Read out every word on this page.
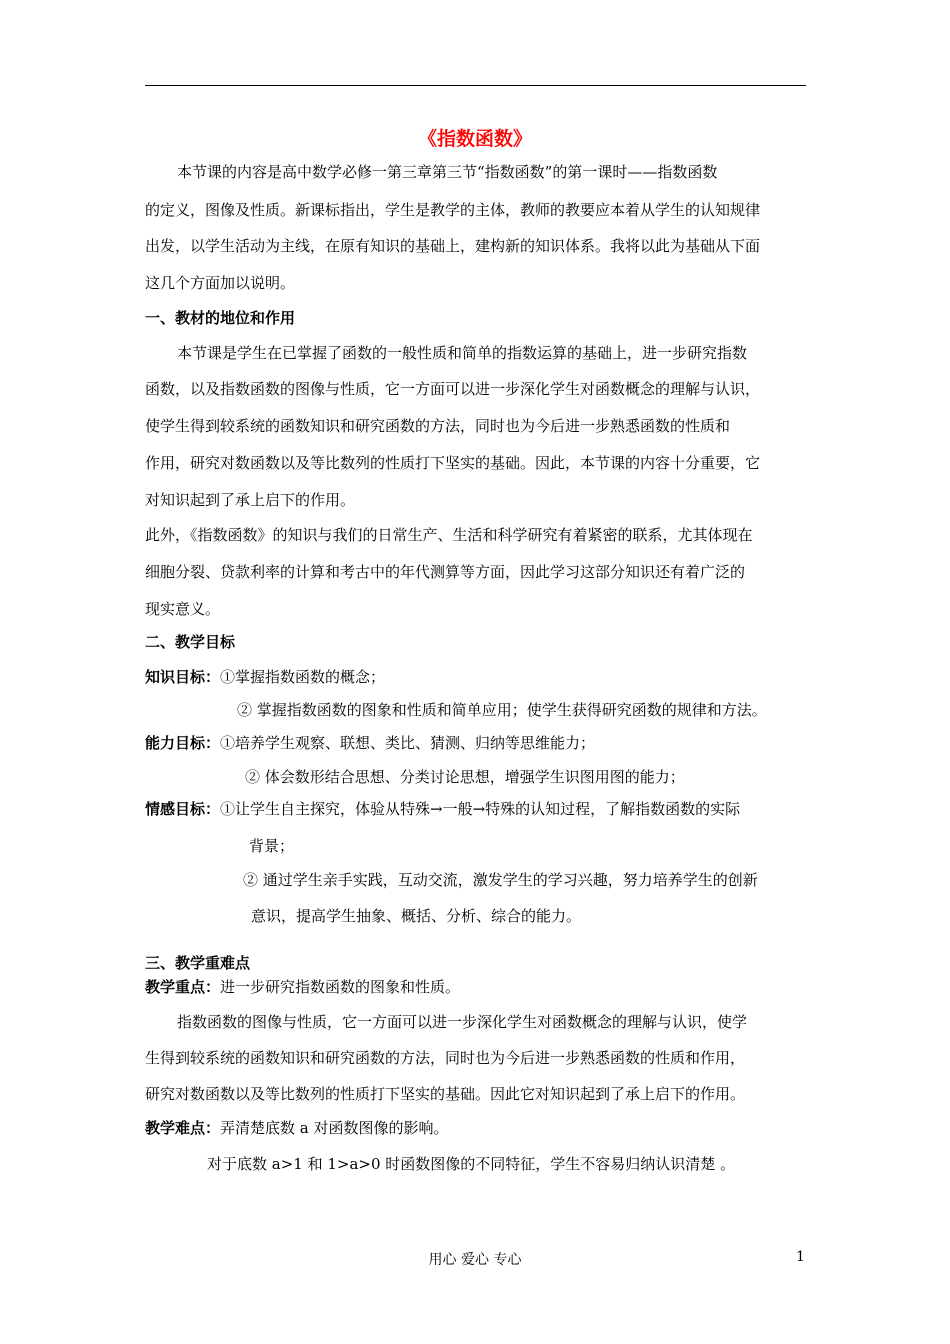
《指数函数》
本节课的内容是高中数学必修一第三章第三节“指数函数”的第一课时——指数函数
的定义，图像及性质。新课标指出，学生是教学的主体，教师的教要应本着从学生的认知规律
出发，以学生活动为主线，在原有知识的基础上，建构新的知识体系。我将以此为基础从下面
这几个方面加以说明。
一、教材的地位和作用
本节课是学生在已掌握了函数的一般性质和简单的指数运算的基础上，进一步研究指数
函数，以及指数函数的图像与性质，它一方面可以进一步深化学生对函数概念的理解与认识，
使学生得到较系统的函数知识和研究函数的方法，同时也为今后进一步熟悉函数的性质和
作用，研究对数函数以及等比数列的性质打下坚实的基础。因此，本节课的内容十分重要，它
对知识起到了承上启下的作用。
此外，《指数函数》的知识与我们的日常生产、生活和科学研究有着紧密的联系，尤其体现在
细胞分裂、贷款利率的计算和考古中的年代测算等方面，因此学习这部分知识还有着广泛的
现实意义。
二、教学目标
知识目标：①掌握指数函数的概念；
② 掌握指数函数的图象和性质和简单应用；使学生获得研究函数的规律和方法。
能力目标：①培养学生观察、联想、类比、猜测、归纳等思维能力；
② 体会数形结合思想、分类讨论思想，增强学生识图用图的能力；
情感目标：①让学生自主探究，体验从特殊→一般→特殊的认知过程，了解指数函数的实际
背景；
② 通过学生亲手实践，互动交流，激发学生的学习兴趣，努力培养学生的创新
意识，提高学生抽象、概括、分析、综合的能力。
三、教学重难点
教学重点：进一步研究指数函数的图象和性质。
指数函数的图像与性质，它一方面可以进一步深化学生对函数概念的理解与认识，使学
生得到较系统的函数知识和研究函数的方法，同时也为今后进一步熟悉函数的性质和作用，
研究对数函数以及等比数列的性质打下坚实的基础。因此它对知识起到了承上启下的作用。
教学难点：弄清楚底数 a 对函数图像的影响。
对于底数 a>1 和 1>a>0 时函数图像的不同特征，学生不容易归纳认识清楚 。
用心 爱心 专心	1
